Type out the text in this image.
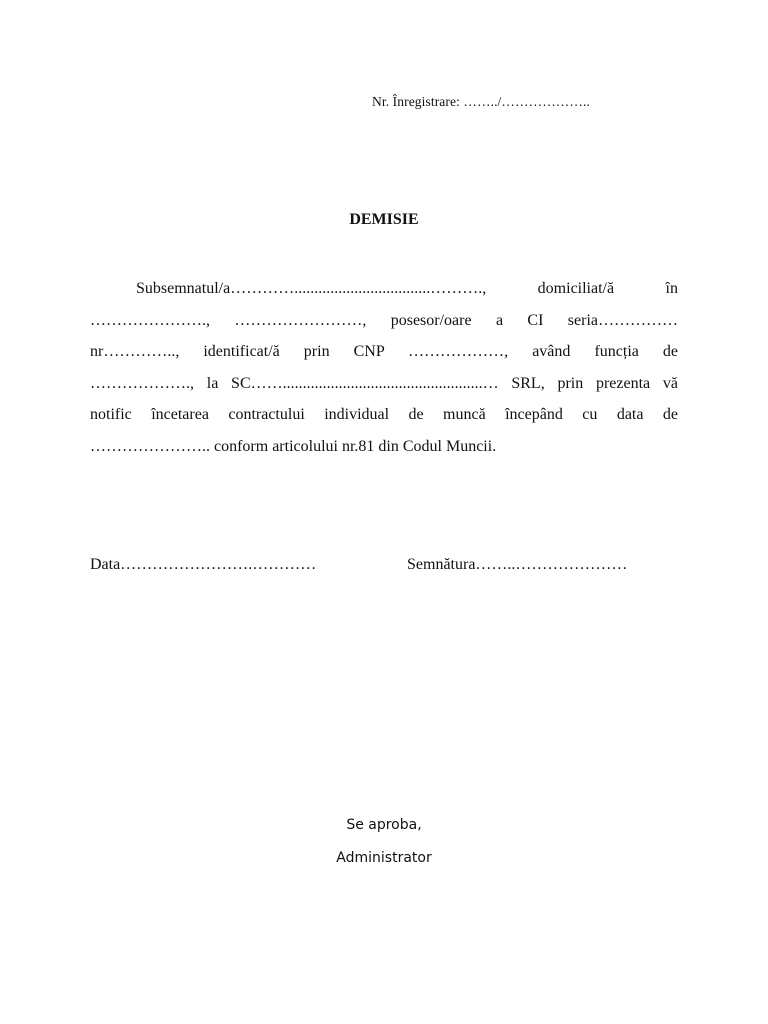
Nr. Înregistrare: ……../………………..
DEMISIE
Subsemnatul/a…………..................................………., domiciliat/ă în
…………………., ……………………, posesor/oare a CI seria……………
nr………….., identificat/ă prin CNP ………………, având funcția de
………………., la SC……..................................................… SRL, prin prezenta vă
notific încetarea contractului individual de muncă începând cu data de
………………….. conform articolului nr.81 din Codul Muncii.
Data…………………….…………	Semnătura……..…………………
Se aproba,
Administrator
